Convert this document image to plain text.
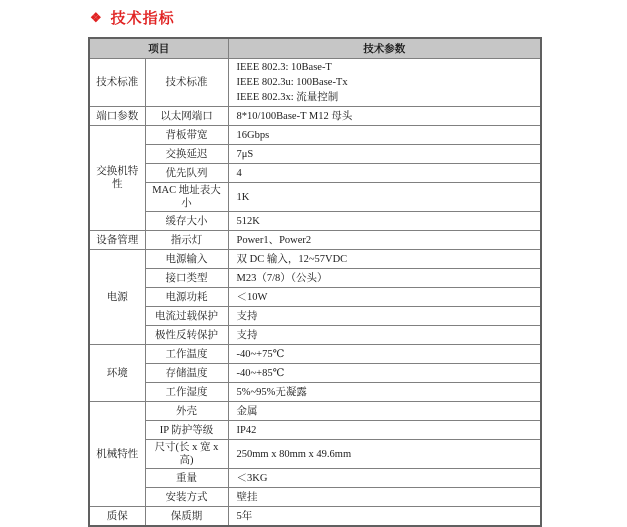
❖ 技术指标
项目		技术参数
技术标准	技术标准	IEEE 802.3: 10Base-T
IEEE 802.3u: 100Base-Tx
IEEE 802.3x: 流量控制

端口参数	以太网端口	8*10/100Base-T M12 母头

交换机特性	背板带宽	16Gbps

	交换延迟	7μS

	优先队列	4

	MAC 地址表大小	1K

	缓存大小	512K

设备管理	指示灯	Power1、Power2

电源	电源输入	双 DC 输入，12~57VDC

	接口类型	M23（7/8）（公头）

	电源功耗	＜10W

	电流过载保护	支持

	极性反转保护	支持

环境	工作温度	-40~+75℃

	存储温度	-40~+85℃

	工作湿度	5%~95%无凝露

机械特性	外壳	金属

	IP 防护等级	IP42

	尺寸(长 x 宽 x 高)	250mm x 80mm x 49.6mm

	重量	＜3KG

	安装方式	壁挂

质保	保质期	5年
